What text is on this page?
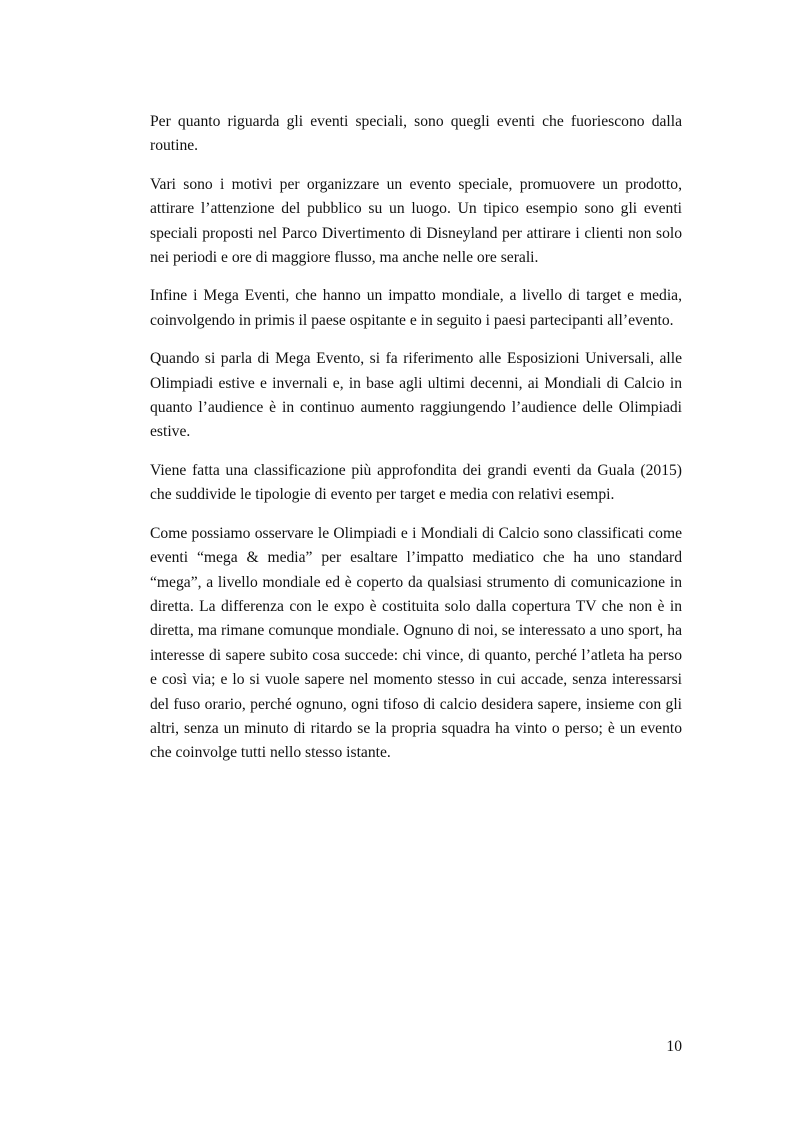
Per quanto riguarda gli eventi speciali, sono quegli eventi che fuoriescono dalla routine.

Vari sono i motivi per organizzare un evento speciale, promuovere un prodotto, attirare l’attenzione del pubblico su un luogo. Un tipico esempio sono gli eventi speciali proposti nel Parco Divertimento di Disneyland per attirare i clienti non solo nei periodi e ore di maggiore flusso, ma anche nelle ore serali.

Infine i Mega Eventi, che hanno un impatto mondiale, a livello di target e media, coinvolgendo in primis il paese ospitante e in seguito i paesi partecipanti all’evento.

Quando si parla di Mega Evento, si fa riferimento alle Esposizioni Universali, alle Olimpiadi estive e invernali e, in base agli ultimi decenni, ai Mondiali di Calcio in quanto l’audience è in continuo aumento raggiungendo l’audience delle Olimpiadi estive.

Viene fatta una classificazione più approfondita dei grandi eventi da Guala (2015) che suddivide le tipologie di evento per target e media con relativi esempi.

Come possiamo osservare le Olimpiadi e i Mondiali di Calcio sono classificati come eventi “mega & media” per esaltare l’impatto mediatico che ha uno standard “mega”, a livello mondiale ed è coperto da qualsiasi strumento di comunicazione in diretta. La differenza con le expo è costituita solo dalla copertura TV che non è in diretta, ma rimane comunque mondiale. Ognuno di noi, se interessato a uno sport, ha interesse di sapere subito cosa succede: chi vince, di quanto, perché l’atleta ha perso e così via; e lo si vuole sapere nel momento stesso in cui accade, senza interessarsi del fuso orario, perché ognuno, ogni tifoso di calcio desidera sapere, insieme con gli altri, senza un minuto di ritardo se la propria squadra ha vinto o perso; è un evento che coinvolge tutti nello stesso istante.

10
